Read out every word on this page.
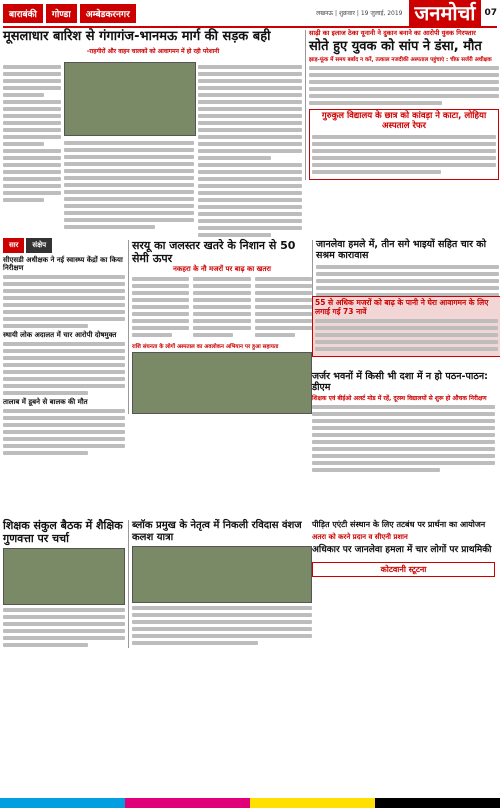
बाराबंकी	गोण्डा	अम्बेडकरनगर	लखनऊ | शुक्रवार | 19 जुलाई, 2019 जनमोर्चा	07
मूसलाधार बारिश से गंगागंज-भानमऊ मार्ग की सड़क बही
-राहगीरों और वाहन चालकों को आवागमन में हो रही परेशानी
साढ़ी का इलाज ठेका यूनानी ने दुकान बनाने का आरोपी युवक गिरफ्तार
सोते हुए युवक को सांप ने डंसा, मौत
झाड़-फूंक में समय बर्बाद न करें, तत्काल नजदीकी अस्पताल पहुंचाएं : चीफ़ सर्जरी अधीक्षक
गुरुकुल विद्यालय के छात्र को कांवड़ा ने काटा, लोहिया अस्पताल रेफर
सार	संक्षेप
सीएसडी अधीक्षक ने नई स्वास्थ्य केंद्रों का किया निरीक्षण
स्थायी लोक अदालत में चार आरोपी दोषमुक्त
तालाब में डूबने से बालक की मौत
सरयू का जलस्तर खतरे के निशान से 50 सेमी ऊपर
नकहरा के नौ मजरों पर बाढ़ का खतरा
राशि संघनता के लोगों अस्पताल का अवलोकन अभियान पर हुआ सहायता
जानलेवा हमले में, तीन सगे भाइयों सहित चार को सश्रम कारावास
55 से अधिक मजरों को बाढ़ के पानी ने घेरा आवागमन के लिए लगाई गई 73 नावें
जर्जर भवनों में किसी भी दशा में न हो पठन-पाठन: डीएम
शिक्षक एवं बीईओ अलर्ट मोड में रहें, दूरस्थ विद्यालयों से शुरू हो औचक निरीक्षण
शिक्षक संकुल बैठक में शैक्षिक गुणवत्ता पर चर्चा
ब्लॉक प्रमुख के नेतृत्व में निकली रविदास वंशज कलश यात्रा
पीड़ित एएंटी संस्थान के लिए तटबंध पर प्रार्थना का आयोजन
अतरा को करने प्रदान व सीएनी प्रशान
अधिकार पर जानलेवा हमला में चार लोगों पर प्राथमिकी
कोटवानी स्टूटना
